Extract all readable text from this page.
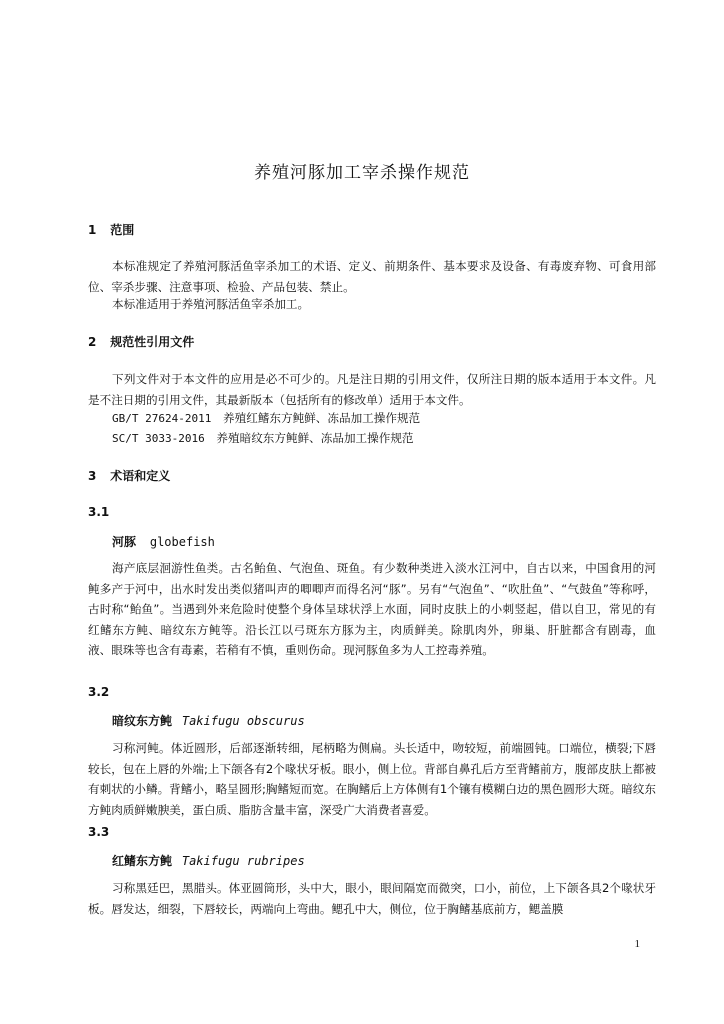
养殖河豚加工宰杀操作规范
1 范围

本标准规定了养殖河豚活鱼宰杀加工的术语、定义、前期条件、基本要求及设备、有毒废弃物、可食用部位、宰杀步骤、注意事项、检验、产品包装、禁止。

本标准适用于养殖河豚活鱼宰杀加工。

2 规范性引用文件

下列文件对于本文件的应用是必不可少的。凡是注日期的引用文件，仅所注日期的版本适用于本文件。凡是不注日期的引用文件，其最新版本（包括所有的修改单）适用于本文件。

GB/T 27624-2011 养殖红鳍东方鲀鲜、冻品加工操作规范
SC/T 3033-2016 养殖暗纹东方鲀鲜、冻品加工操作规范
3 术语和定义
3.1
河豚 globefish

海产底层洄游性鱼类。古名鲐鱼、气泡鱼、斑鱼。有少数种类进入淡水江河中，自古以来，中国食用的河鲀多产于河中，出水时发出类似猪叫声的唧唧声而得名河“豚”。另有“气泡鱼”、“吹肚鱼”、“气鼓鱼”等称呼，古时称“鲐鱼”。当遇到外来危险时使整个身体呈球状浮上水面，同时皮肤上的小刺竖起，借以自卫，常见的有红鳍东方鲀、暗纹东方鲀等。沿长江以弓斑东方豚为主，肉质鲜美。除肌肉外，卵巢、肝脏都含有剧毒，血液、眼珠等也含有毒素，若稍有不慎，重则伤命。现河豚鱼多为人工控毒养殖。

3.2
暗纹东方鲀 Takifugu obscurus

习称河鲀。体近圆形，后部逐渐转细，尾柄略为侧扁。头长适中，吻较短，前端圆钝。口端位，横裂;下唇较长，包在上唇的外端;上下颌各有2个喙状牙板。眼小，侧上位。背部自鼻孔后方至背鳍前方，腹部皮肤上都被有刺状的小鳞。背鳍小，略呈圆形;胸鳍短而宽。在胸鳍后上方体侧有1个镶有模糊白边的黑色圆形大斑。暗纹东方鲀肉质鲜嫩腴美，蛋白质、脂肪含量丰富，深受广大消费者喜爱。

3.3
红鳍东方鲀 Takifugu rubripes

习称黑廷巴，黑腊头。体亚圆筒形，头中大，眼小，眼间隔宽而微突，口小，前位，上下颌各具2个喙状牙板。唇发达，细裂，下唇较长，两端向上弯曲。鳃孔中大，侧位，位于胸鳍基底前方，鳃盖膜

1
